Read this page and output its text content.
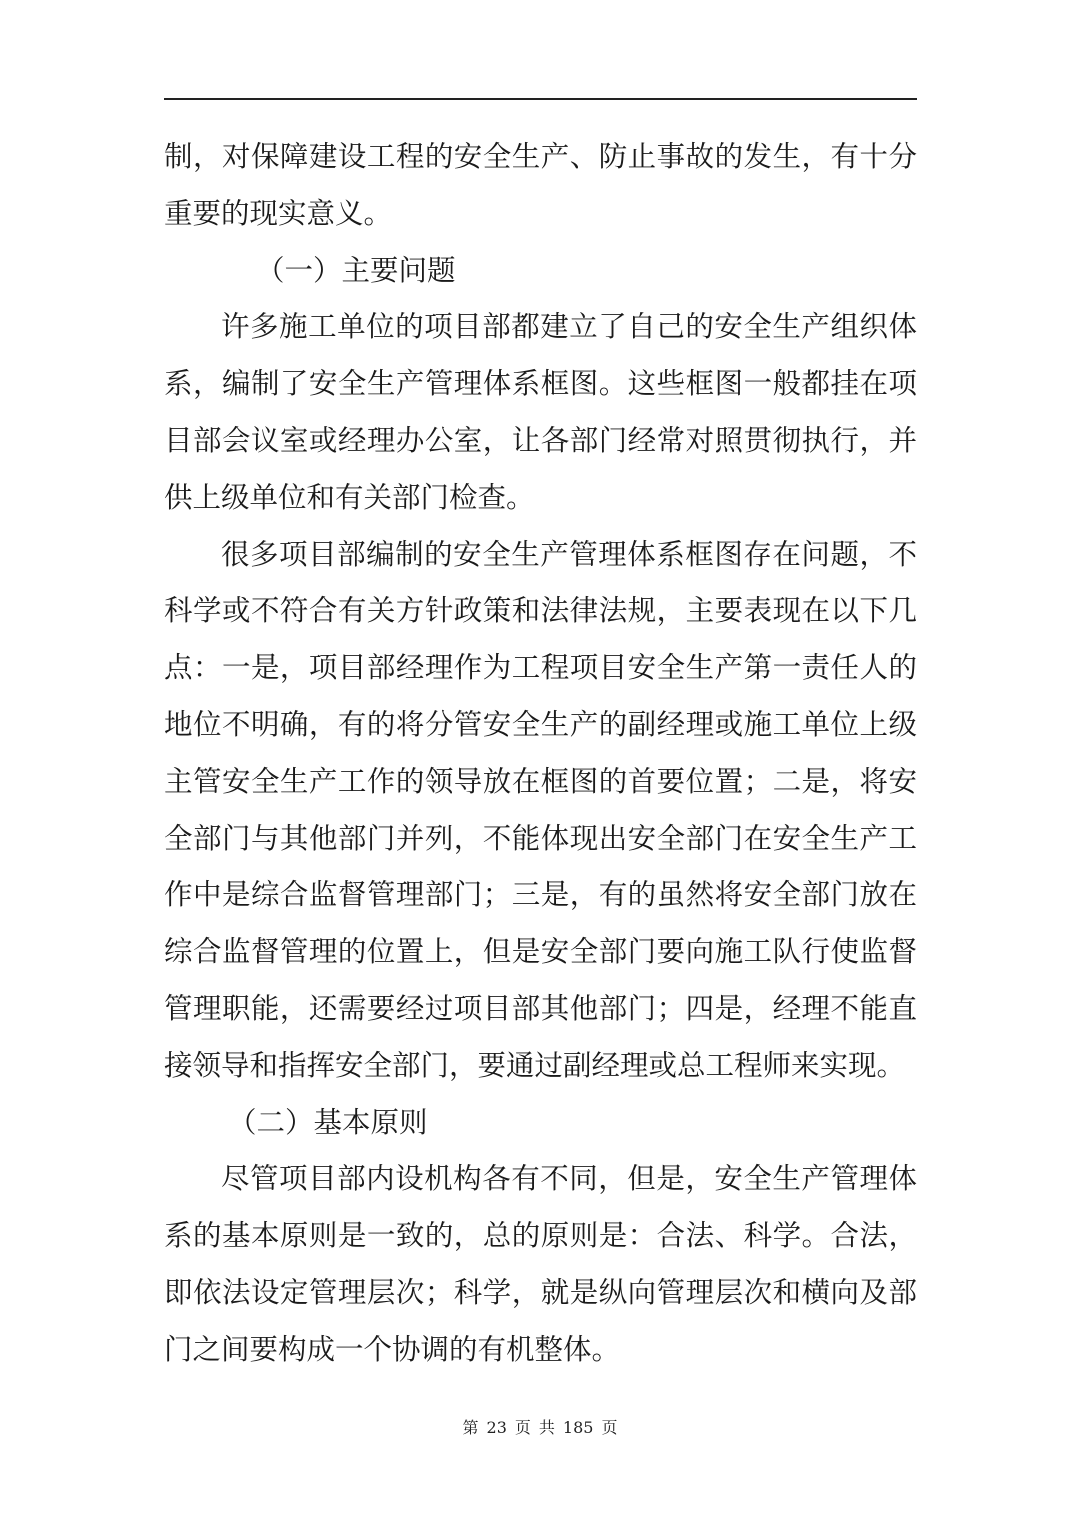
制，对保障建设工程的安全生产、防止事故的发生，有十分重要的现实意义。

（一）主要问题

许多施工单位的项目部都建立了自己的安全生产组织体系，编制了安全生产管理体系框图。这些框图一般都挂在项目部会议室或经理办公室，让各部门经常对照贯彻执行，并供上级单位和有关部门检查。

很多项目部编制的安全生产管理体系框图存在问题，不科学或不符合有关方针政策和法律法规，主要表现在以下几点：一是，项目部经理作为工程项目安全生产第一责任人的地位不明确，有的将分管安全生产的副经理或施工单位上级主管安全生产工作的领导放在框图的首要位置；二是，将安全部门与其他部门并列，不能体现出安全部门在安全生产工作中是综合监督管理部门；三是，有的虽然将安全部门放在综合监督管理的位置上，但是安全部门要向施工队行使监督管理职能，还需要经过项目部其他部门；四是，经理不能直接领导和指挥安全部门，要通过副经理或总工程师来实现。

（二）基本原则

尽管项目部内设机构各有不同，但是，安全生产管理体系的基本原则是一致的，总的原则是：合法、科学。合法，即依法设定管理层次；科学，就是纵向管理层次和横向及部门之间要构成一个协调的有机整体。

第 23 页 共 185 页
